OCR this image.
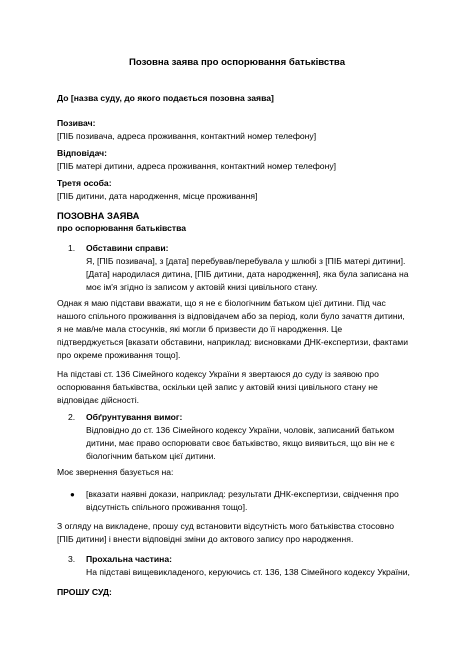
Позовна заява про оспорювання батьківства
До [назва суду, до якого подається позовна заява]

Позивач:

[ПІБ позивача, адреса проживання, контактний номер телефону]

Відповідач:

[ПІБ матері дитини, адреса проживання, контактний номер телефону]

Третя особа:

[ПІБ дитини, дата народження, місце проживання]

ПОЗОВНА ЗАЯВА

про оспорювання батьківства

1.	Обставини справи:

Я, [ПІБ позивача], з [дата] перебував/перебувала у шлюбі з [ПІБ матері дитини].

[Дата] народилася дитина, [ПІБ дитини, дата народження], яка була записана на

моє ім'я згідно із записом у актовій книзі цивільного стану.

Однак я маю підстави вважати, що я не є біологічним батьком цієї дитини. Під час

нашого спільного проживання із відповідачем або за період, коли було зачаття дитини,

я не мав/не мала стосунків, які могли б призвести до її народження. Це

підтверджується [вказати обставини, наприклад: висновками ДНК-експертизи, фактами

про окреме проживання тощо].

На підставі ст. 136 Сімейного кодексу України я звертаюся до суду із заявою про

оспорювання батьківства, оскільки цей запис у актовій книзі цивільного стану не

відповідає дійсності.

2.	Обґрунтування вимог:

Відповідно до ст. 136 Сімейного кодексу України, чоловік, записаний батьком

дитини, має право оспорювати своє батьківство, якщо виявиться, що він не є

біологічним батьком цієї дитини.

Моє звернення базується на:
●	[вказати наявні докази, наприклад: результати ДНК-експертизи, свідчення про

відсутність спільного проживання тощо].

З огляду на викладене, прошу суд встановити відсутність мого батьківства стосовно

[ПІБ дитини] і внести відповідні зміни до актового запису про народження.

3.	Прохальна частина:

На підставі вищевикладеного, керуючись ст. 136, 138 Сімейного кодексу України,

ПРОШУ СУД:
